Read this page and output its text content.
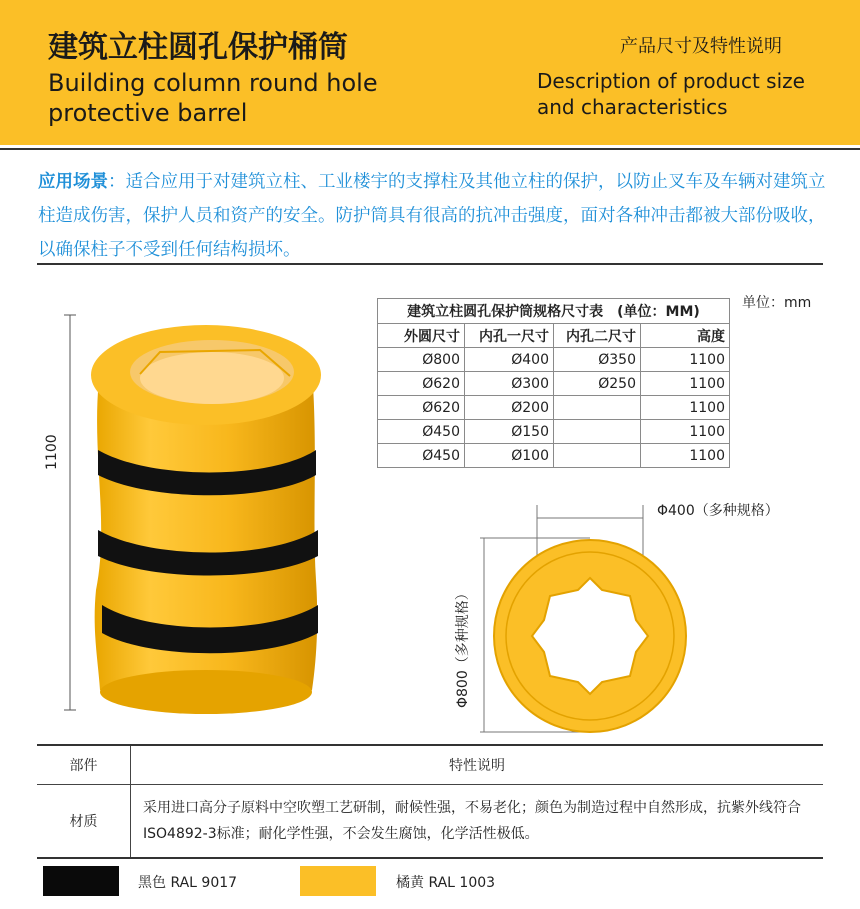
建筑立柱圆孔保护桶筒
Building column round hole protective barrel
产品尺寸及特性说明
Description of product size and characteristics
应用场景：适合应用于对建筑立柱、工业楼宇的支撑柱及其他立柱的保护，以防止叉车及车辆对建筑立柱造成伤害，保护人员和资产的安全。防护筒具有很高的抗冲击强度，面对各种冲击都被大部份吸收，以确保柱子不受到任何结构损坏。
单位：mm
建筑立柱圆孔保护筒规格尺寸表　(单位：MM)			
外圆尺寸	内孔一尺寸	内孔二尺寸	高度
Ø800	Ø400	Ø350	1100
Ø620	Ø300	Ø250	1100
Ø620	Ø200		1100
Ø450	Ø150		1100
Ø450	Ø100		1100
1100
Φ400（多种规格）
Φ800（多种规格）
部件	特性说明
材质	采用进口高分子原料中空吹塑工艺研制，耐候性强，不易老化；颜色为制造过程中自然形成，抗紫外线符合ISO4892-3标准；耐化学性强，不会发生腐蚀，化学活性极低。
黑色 RAL 9017	橘黄 RAL 1003
